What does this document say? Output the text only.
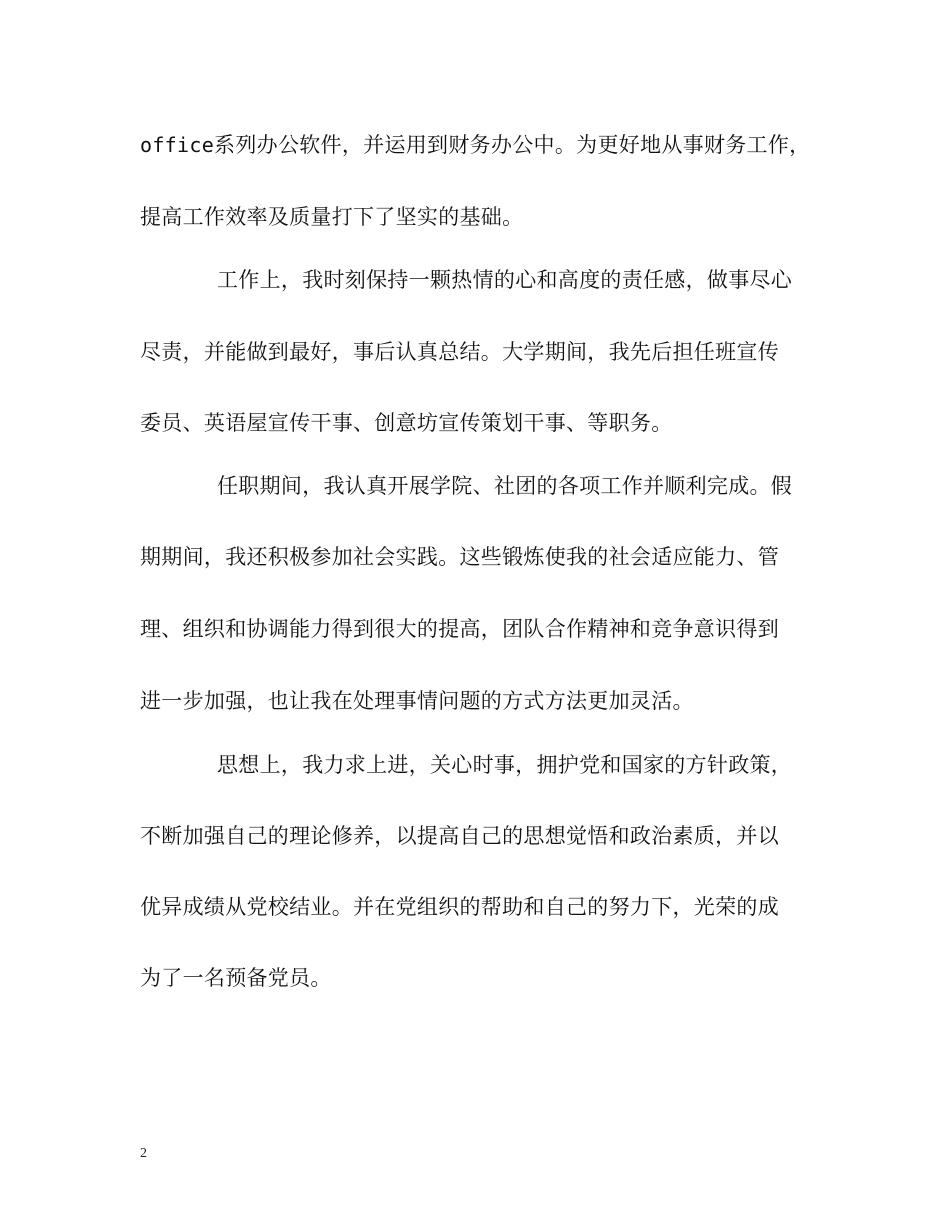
office系列办公软件，并运用到财务办公中。为更好地从事财务工作，
提高工作效率及质量打下了坚实的基础。
工作上，我时刻保持一颗热情的心和高度的责任感，做事尽心
尽责，并能做到最好，事后认真总结。大学期间，我先后担任班宣传
委员、英语屋宣传干事、创意坊宣传策划干事、等职务。
任职期间，我认真开展学院、社团的各项工作并顺利完成。假
期期间，我还积极参加社会实践。这些锻炼使我的社会适应能力、管
理、组织和协调能力得到很大的提高，团队合作精神和竞争意识得到
进一步加强，也让我在处理事情问题的方式方法更加灵活。
思想上，我力求上进，关心时事，拥护党和国家的方针政策，
不断加强自己的理论修养，以提高自己的思想觉悟和政治素质，并以
优异成绩从党校结业。并在党组织的帮助和自己的努力下，光荣的成
为了一名预备党员。
2
